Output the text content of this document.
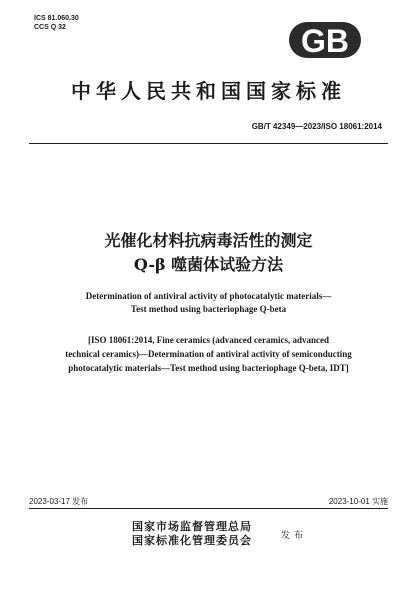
ICS 81.060.30
CCS Q 32	GB
中华人民共和国国家标准
GB/T 42349—2023/ISO 18061:2014
光催化材料抗病毒活性的测定
Q-β 噬菌体试验方法
Determination of antiviral activity of photocatalytic materials—
Test method using bacteriophage Q-beta
[ISO 18061:2014, Fine ceramics (advanced ceramics, advanced
technical ceramics)—Determination of antiviral activity of semiconducting
photocatalytic materials—Test method using bacteriophage Q-beta, IDT]
2023-03-17 发布	2023-10-01 实施
国家市场监督管理总局
国家标准化管理委员会	发布
